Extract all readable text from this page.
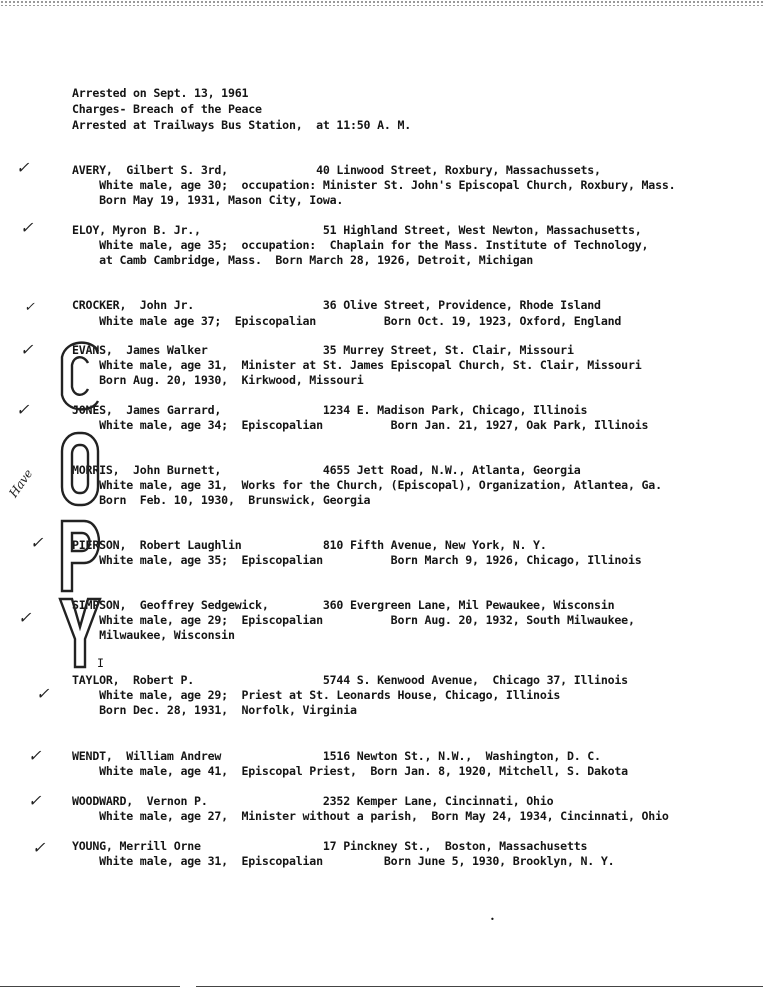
Arrested on Sept. 13, 1961
Charges- Breach of the Peace
Arrested at Trailways Bus Station,  at 11:50 A. M.
AVERY,  Gilbert S. 3rd,             40 Linwood Street, Roxbury, Massachussets,
White male, age 30;  occupation: Minister St. John's Episcopal Church, Roxbury, Mass.
Born May 19, 1931, Mason City, Iowa.
ELOY, Myron B. Jr.,                  51 Highland Street, West Newton, Massachusetts,
White male, age 35;  occupation:  Chaplain for the Mass. Institute of Technology,
at Camb Cambridge, Mass.  Born March 28, 1926, Detroit, Michigan
CROCKER,  John Jr.                   36 Olive Street, Providence, Rhode Island
White male age 37;  Episcopalian          Born Oct. 19, 1923, Oxford, England
EVANS,  James Walker                 35 Murrey Street, St. Clair, Missouri
White male, age 31,  Minister at St. James Episcopal Church, St. Clair, Missouri
Born Aug. 20, 1930,  Kirkwood, Missouri
JONES,  James Garrard,               1234 E. Madison Park, Chicago, Illinois
White male, age 34;  Episcopalian          Born Jan. 21, 1927, Oak Park, Illinois
MORRIS,  John Burnett,               4655 Jett Road, N.W., Atlanta, Georgia
White male, age 31,  Works for the Church, (Episcopal), Organization, Atlantea, Ga.
Born  Feb. 10, 1930,  Brunswick, Georgia
PIERSON,  Robert Laughlin            810 Fifth Avenue, New York, N. Y.
White male, age 35;  Episcopalian          Born March 9, 1926, Chicago, Illinois
SIMPSON,  Geoffrey Sedgewick,        360 Evergreen Lane, Mil Pewaukee, Wisconsin
White male, age 29;  Episcopalian          Born Aug. 20, 1932, South Milwaukee,
Milwaukee, Wisconsin
TAYLOR,  Robert P.                   5744 S. Kenwood Avenue,  Chicago 37, Illinois
White male, age 29;  Priest at St. Leonards House, Chicago, Illinois
Born Dec. 28, 1931,  Norfolk, Virginia
WENDT,  William Andrew               1516 Newton St., N.W.,  Washington, D. C.
White male, age 41,  Episcopal Priest,  Born Jan. 8, 1920, Mitchell, S. Dakota
WOODWARD,  Vernon P.                 2352 Kemper Lane, Cincinnati, Ohio
White male, age 27,  Minister without a parish,  Born May 24, 1934, Cincinnati, Ohio
YOUNG, Merrill Orne                  17 Pinckney St.,  Boston, Massachusetts
White male, age 31,  Episcopalian         Born June 5, 1930, Brooklyn, N. Y.
✓
✓
✓
✓
✓
Have
✓
✓
✓
✓
✓
✓
I
•
